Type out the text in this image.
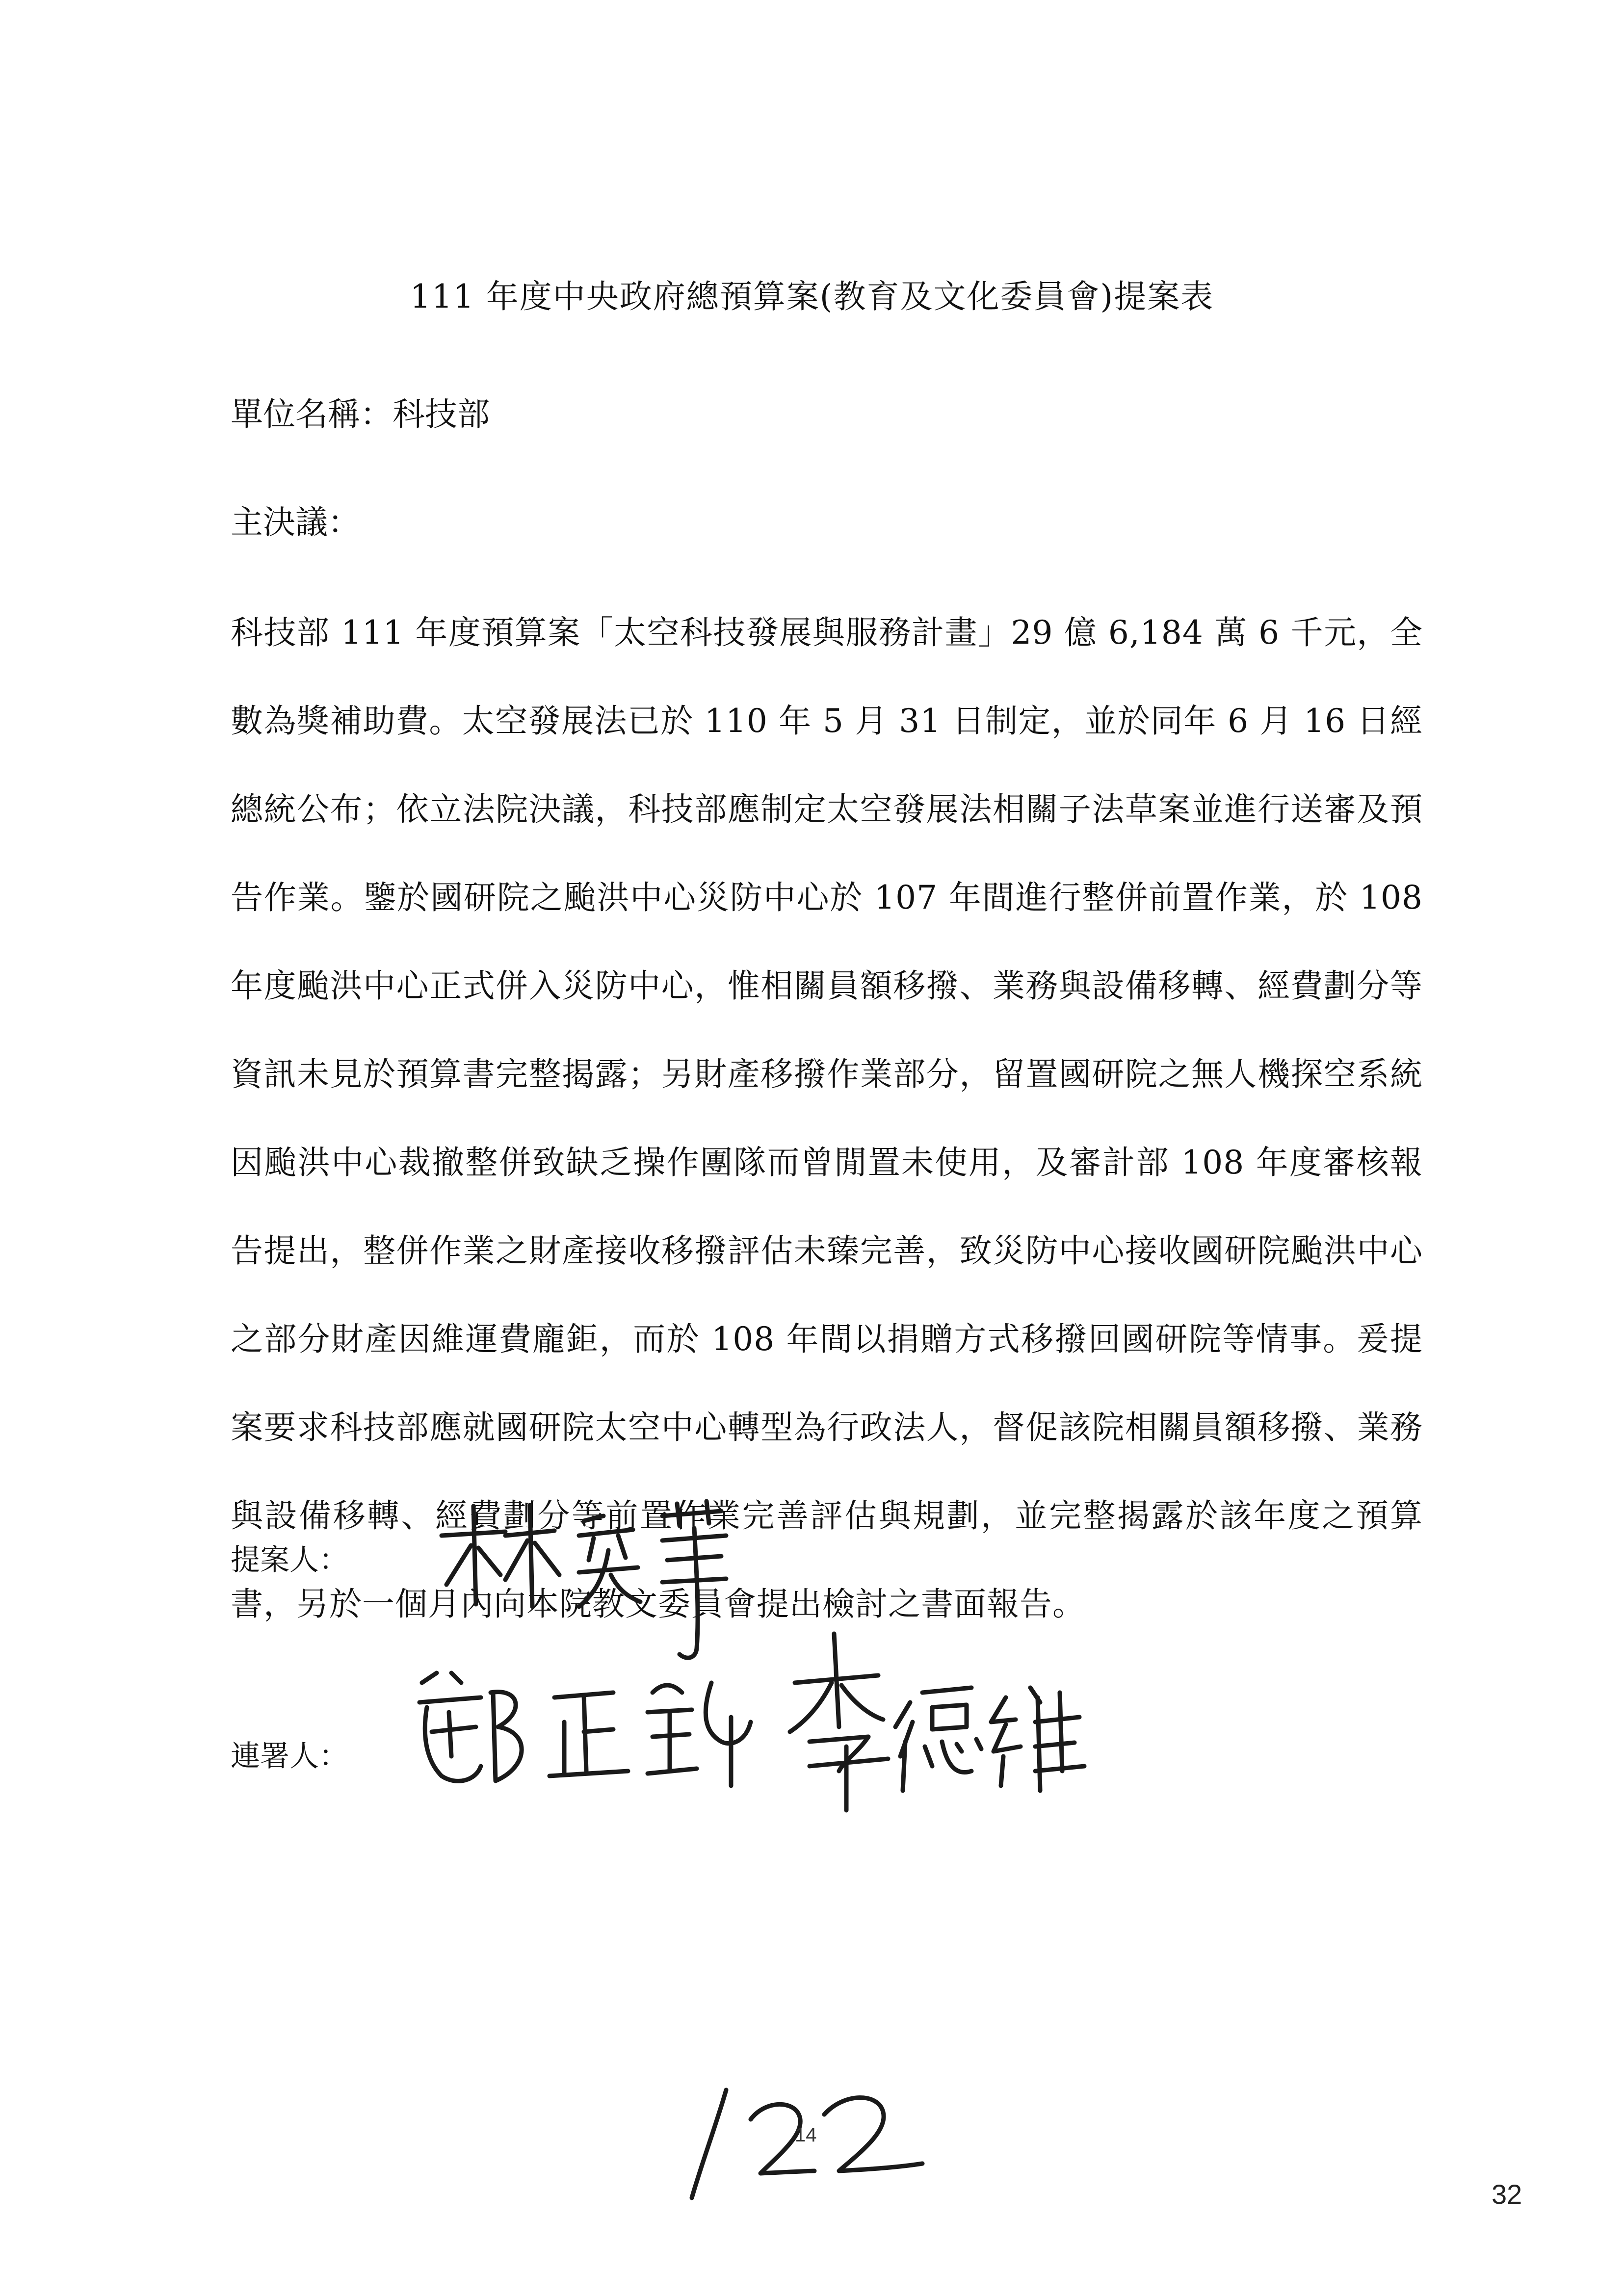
111 年度中央政府總預算案(教育及文化委員會)提案表
單位名稱：科技部
主決議：
科技部 111 年度預算案「太空科技發展與服務計畫」29 億 6,184 萬 6 千元，全數為獎補助費。太空發展法已於 110 年 5 月 31 日制定，並於同年 6 月 16 日經總統公布；依立法院決議，科技部應制定太空發展法相關子法草案並進行送審及預告作業。鑒於國研院之颱洪中心災防中心於 107 年間進行整併前置作業，於 108 年度颱洪中心正式併入災防中心，惟相關員額移撥、業務與設備移轉、經費劃分等資訊未見於預算書完整揭露；另財產移撥作業部分，留置國研院之無人機探空系統因颱洪中心裁撤整併致缺乏操作團隊而曾閒置未使用，及審計部 108 年度審核報告提出，整併作業之財產接收移撥評估未臻完善，致災防中心接收國研院颱洪中心之部分財產因維運費龐鉅，而於 108 年間以捐贈方式移撥回國研院等情事。爰提案要求科技部應就國研院太空中心轉型為行政法人，督促該院相關員額移撥、業務與設備移轉、經費劃分等前置作業完善評估與規劃，並完整揭露於該年度之預算書，另於一個月內向本院教文委員會提出檢討之書面報告。
提案人：
連署人：
14
32
